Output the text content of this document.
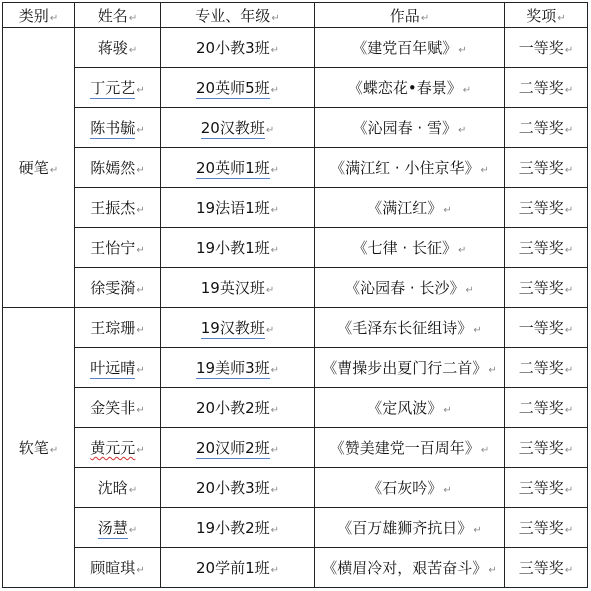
类别↵	姓名↵	专业、年级↵	作品↵	奖项↵
硬笔↵	蒋骏↵	20小教3班↵	《建党百年赋》↵	一等奖↵
	丁元艺↵	20英师5班↵	《蝶恋花•春景》↵	二等奖↵
	陈书毓↵	20汉教班↵	《沁园春 · 雪》↵	二等奖↵
	陈嫣然↵	20英师1班↵	《满江红 · 小住京华》↵	三等奖↵
	王振杰↵	19法语1班↵	《满江红》↵	三等奖↵
	王怡宁↵	19小教1班↵	《七律 · 长征》↵	三等奖↵
	徐雯漪↵	19英汉班↵	《沁园春 · 长沙》↵	三等奖↵
软笔↵	王琮珊↵	19汉教班↵	《毛泽东长征组诗》↵	一等奖↵
	叶远晴↵	19美师3班↵	《曹操步出夏门行二首》↵	二等奖↵
	金笑非↵	20小教2班↵	《定风波》↵	二等奖↵
	黄元元↵	20汉师2班↵	《赞美建党一百周年》↵	三等奖↵
	沈晗↵	20小教3班↵	《石灰吟》↵	三等奖↵
	汤慧↵	19小教2班↵	《百万雄狮齐抗日》↵	三等奖↵
	顾暄琪↵	20学前1班↵	《横眉冷对，艰苦奋斗》↵	三等奖↵
